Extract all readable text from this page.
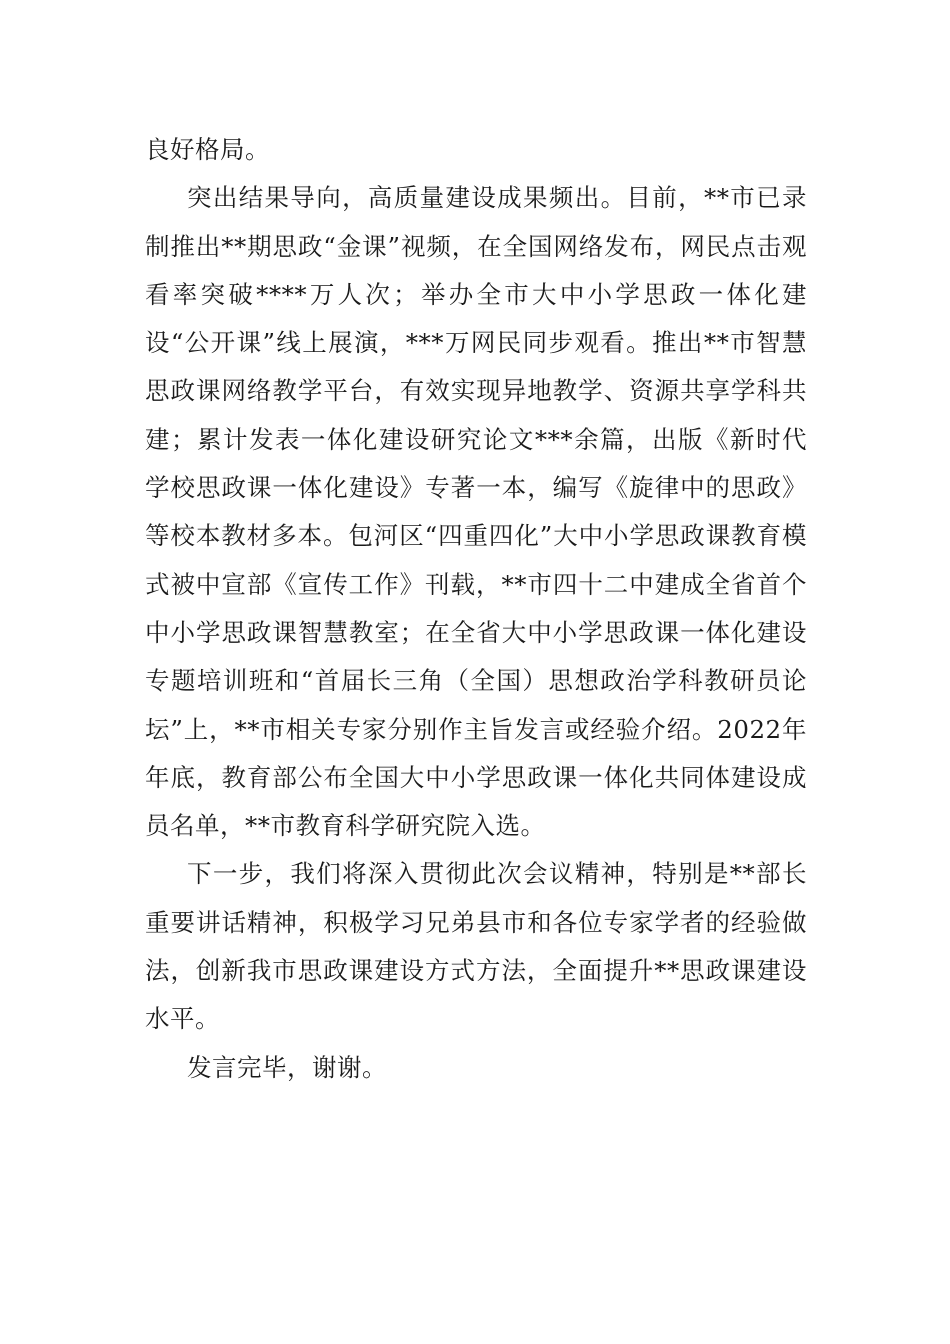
良好格局。

突出结果导向，高质量建设成果频出。目前，**市已录制推出**期思政“金课”视频，在全国网络发布，网民点击观看率突破****万人次；举办全市大中小学思政一体化建设“公开课”线上展演，***万网民同步观看。推出**市智慧思政课网络教学平台，有效实现异地教学、资源共享学科共建；累计发表一体化建设研究论文***余篇，出版《新时代学校思政课一体化建设》专著一本，编写《旋律中的思政》等校本教材多本。包河区“四重四化”大中小学思政课教育模式被中宣部《宣传工作》刊载，**市四十二中建成全省首个中小学思政课智慧教室；在全省大中小学思政课一体化建设专题培训班和“首届长三角（全国）思想政治学科教研员论坛”上，**市相关专家分别作主旨发言或经验介绍。2022年年底，教育部公布全国大中小学思政课一体化共同体建设成员名单，**市教育科学研究院入选。

下一步，我们将深入贯彻此次会议精神，特别是**部长重要讲话精神，积极学习兄弟县市和各位专家学者的经验做法，创新我市思政课建设方式方法，全面提升**思政课建设水平。

发言完毕，谢谢。
